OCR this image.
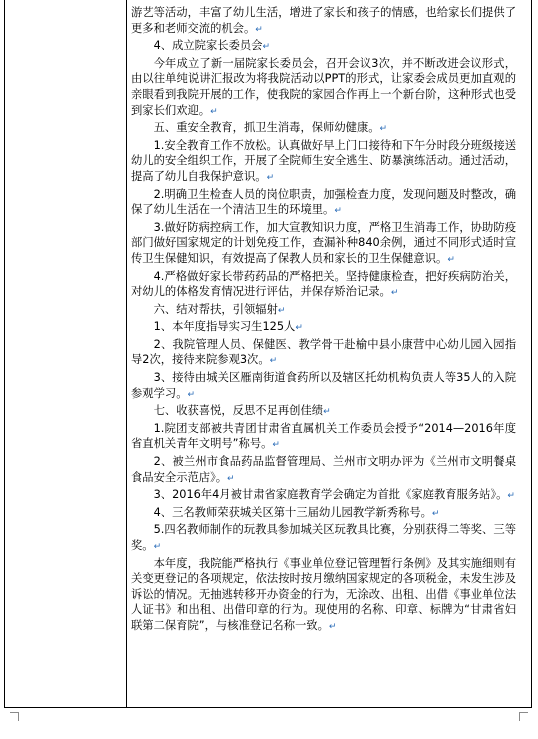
游艺等活动，丰富了幼儿生活，增进了家长和孩子的情感，也给家长们提供了更多和老师交流的机会。↵

4、成立院家长委员会↵

今年成立了新一届院家长委员会，召开会议3次，并不断改进会议形式，由以往单纯说讲汇报改为将我院活动以PPT的形式，让家委会成员更加直观的亲眼看到我院开展的工作，使我院的家园合作再上一个新台阶，这种形式也受到家长们欢迎。↵

五、重安全教育，抓卫生消毒，保师幼健康。↵

1.安全教育工作不放松。认真做好早上门口接待和下午分时段分班级接送幼儿的安全组织工作，开展了全院师生安全逃生、防暴演练活动。通过活动，提高了幼儿自我保护意识。↵

2.明确卫生检查人员的岗位职责，加强检查力度，发现问题及时整改，确保了幼儿生活在一个清洁卫生的环境里。↵

3.做好防病控病工作，加大宣教知识力度，严格卫生消毒工作，协助防疫部门做好国家规定的计划免疫工作，查漏补种840余例，通过不同形式适时宣传卫生保健知识，有效提高了保教人员和家长的卫生保健意识。↵

4.严格做好家长带药药品的严格把关。坚持健康检查，把好疾病防治关，对幼儿的体格发育情况进行评估，并保存矫治记录。↵

六、结对帮扶，引领辐射↵

1、本年度指导实习生125人↵

2、我院管理人员、保健医、教学骨干赴榆中县小康营中心幼儿园入园指导2次，接待来院参观3次。↵

3、接待由城关区雁南街道食药所以及辖区托幼机构负责人等35人的入院参观学习。↵

七、收获喜悦，反思不足再创佳绩↵

1.院团支部被共青团甘肃省直属机关工作委员会授予“2014—2016年度省直机关青年文明号”称号。↵

2、被兰州市食品药品监督管理局、兰州市文明办评为《兰州市文明餐桌食品安全示范店》。↵

3、2016年4月被甘肃省家庭教育学会确定为首批《家庭教育服务站》。↵

4、三名教师荣获城关区第十三届幼儿园教学新秀称号。↵

5.四名教师制作的玩教具参加城关区玩教具比赛，分别获得二等奖、三等奖。↵

本年度，我院能严格执行《事业单位登记管理暂行条例》及其实施细则有关变更登记的各项规定，依法按时按月缴纳国家规定的各项税金，未发生涉及诉讼的情况。无抽逃转移开办资金的行为，无涂改、出租、出借《事业单位法人证书》和出租、出借印章的行为。现使用的名称、印章、标牌为“甘肃省妇联第二保育院”，与核准登记名称一致。↵
